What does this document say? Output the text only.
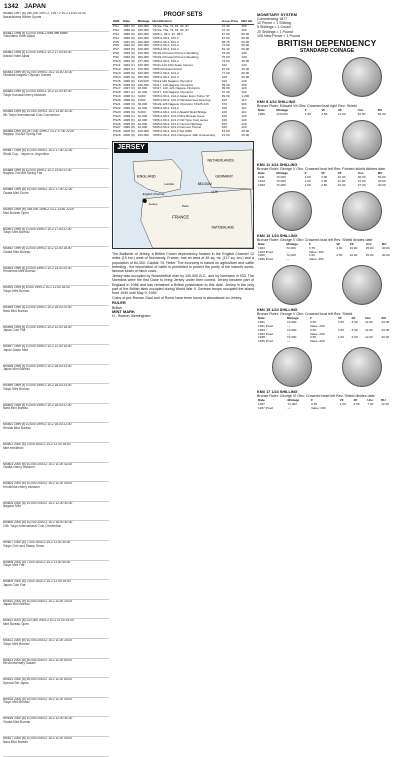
1342 JAPAN
MS580 1997 (b) 250,000 1997-2, 1997-2 10-2 15.00 22.00
Ibarakishima Winter Sports
MS581 1998 (t) 10,000 1998-2 Mint wet towel
Yokohama Hotel Ajisai
MS582 1998 (t) 10,000 1998-2 10-2 17.00 40.00
Ibaraki Hotel Ajisai
MS583 1999 (b) 10,000 1999-2 10-2 14.50 30.00
Okinawa Nagano Olympic Games
MS584 1999 (t) 10,000 1999-2 10-2 12.00 30.00
Tokyo Kokusai cherry blossom
MS585 1999 (b) 10,000 1999-2 10-2 14.50 30.00
5th Tokyo International Coin Convention
MS586 1999 (b) 257,000 1999-2 10-2 17.00 22.00
Nagano 3rd Aut Spring Fair
MS587 1999 (b) 10,000 1999-2 10-2 17.00 22.00
World Cup - Japan vs. Argentina
MS588 1999 (t) 10,000 1999-2 10-2 14.50 22.00
Nagano 2nd Aut Spring Fair
MS589 1999 (b) 10,000 1999-2 10-2 17.00 22.00
Osaka Mint Dome
MS590 1999 (b) 338,000 1999-2 10-2 13.50 22.00
Mint Bureau Open
MS591 1999 (t) 10,000 1999-2 10-2 17.00 22.00
Tokyo Mint Bureau
MS592 1999 (t) 10,000 1999-2 10-2 12.50 18.00
Osaka Mint Bureau
MS593 1999 (t) 10,000 1999-2 10-2 14.00 20.00
Hiroshima Mint Bureau
MS594 1999 (t) 6,000 1999-2 10-2 12.00 18.00
Tokyo Mint Bureau
MS595 1999 (t) 10,000 1999-2 10-2 16.00 20.00
Nara Mint Bureau
MS596 1999 (t) 10,000 1999-2 10-2 12.00 18.00
Japan Coin Fair
MS597 1999 (t) 10,000 1999-2 10-2 12.00 18.00
Japan Dome Mint
MS598 1999 (t) 10,000 1999-2 10-2 18.00 24.00
Japan Mint Bureau
MS599 1999 (t) 10,000 1999-2 10-2 18.00 24.00
Tokyo Mint Bureau
MS600 1999 (t) 10,000 1999-2 10-2 16.00 22.00
Nara Mint Bureau
MS601 1999 (t) 10,000 1999-2 10-2 16.00 22.00
Sendai Mint Bureau
MS602 2000 (b) 2,000 2000-2 10-2 12.00 18.00
Mint exhibition
MS603 2000 (b) 10,000 2000-2 10-2 11.00 42.00
Osaka cherry blossom
MS604 2000 (b) 10,000 2000-2 10-2 11.00 40.00
Hiroshima cherry blossom
MS605 2000 (b) 10,000 2000-2 10-2 12.00 40.00
Nagano Mint
MS606 2000 (b) 10,000 2000-2 10-2 18.00 40.00
12th Tokyo International Coin Convention
MS607 2000 (b) 7,000 2000-2 10-2 11.00 40.00
Tokyo Coin and Stamp Show
MS608 2000 (b) 7,000 2000-2 10-2 11.00 40.00
Tokyo Mint Fair
MS609 2000 (b) 2,000 2000-2 10-2 12.00 18.00
Japan Coin Fair
MS610 2000 (b) 10,000 2000-2 10-2 11.00 24.00
Japan Mint Bureau
MS611 2000 (b) 222,000 2000-2 10-2 11.00 24.00
Mint Bureau Open
MS612 2000 (b) 10,000 2000-2 10-2 11.00 24.00
Tokyo Mint Bureau
MS613 2000 (b) 40,000 2000-2 10-2 11.00 60.00
5th Anniversary Sasaki
MS614 2000 (b) 40,000 2000-2 10-2 11.00 60.00
Special Set Japan
MS615 2000 (b) 10,000 2000-2 10-2 11.00 40.00
Tokyo Mint Bureau
MS616 2000 (b) 10,000 2000-2 10-2 12.00 40.00
Osaka Mint Bureau
MS617 2000 (b) 10,000 2000-2 10-2 11.00 40.00
Nara Mint Bureau
PROOF SETS
KM#	Date	Mintage	Identification	Issue Price	Mkt Val
PS1	1987 (6)	230,000	Y#72a, 73a, 74, 81, 82, 97	37.40	150
PS2	1988 (6)	230,000	Y#72a, 73a, 74, 81, 82, 97	37.40	100
PS3	1989 (6)	200,000	Y#95.1, 96.1, 97, 98.1	67.60	80.00
PS4	1990 (6)	220,000	Y#95.2-99.2, 101.2	67.60	50.00
PS5	1991 (6)	220,000	Y#95.2-99.2, 101.2	68.75	60.00
PS6	1992 (6)	220,000	Y#95.2-99.2, 101.2	72.00	50.00
PS7	1993 (6)	220,000	Y#95.2-99.2, 101.2	81.40	50.00
PS8	1993 (6)	100,000	Y#101.2/Crown Prince's Wedding	75.00	100
PS9	1993 (6)	200,000	Y#101.2/Crown Prince's Wedding	75.00	100
PS10	1994 (6)	277,000	Y#95.2-99.2, 101.2	72.00	35.00
PS11	1994 (1)	160,000	Y#111-113 12th Asian Games	102	120
PS12	1994 (1)	100,000	Y#95.2/Kansai Airport	57.00	40.00
PS13	1995 (6)	100,000	Y#95.2-99.2, 101.2	77.00	60.00
PS14	1995 (6)	200,000	Y#95.2-99.2, 101.2	100	60.00
PS15	1996 (6)	110,000	Y#114-116 Nagano Olympics	102	120
PS16	1996 (6)	100,000	Y#117, 118 Nagano Olympics	99.00	150
PS17	1997 (3)	10,000	Y#117, 119, 121 Nagano Olympics	99.00	120
PS18	1997 (1)	10,000	Y#117, 119 Nagano Olympics	97.00	120
PS19	1998 (1)	3,000	Y#95.2-99.2, 101.2 Japan Expo Tokyo '97	99.00	1,200
PS20	1998 (6)	9,000	Y#95.2-99.2, 101.2 Okinawa Sea Opening	100	110
PS21	1998 (3)	30,000	Y#124-126 Nagano Olympics Y#125-126	370	400
PS22	1999 (6)	10,000	Y#95.2-99.2, 101.2	100	110
PS23	1999 (6)	8,000	Y#95.2-99.2, 101.2 Akashi Strait Bridge	100	110
PS24	1999 (1)	10,000	Y#95.2-99.2, 101.2 Mint Bureau Issue	100	120
PS25	1999 (6)	10,000	Y#95.2-99.2, 101.2 Old Type Coin series	100	120
PS26	1999 (6)	10,000	Y#95.2-99.2, 101.2 Central Highway	100	120
PS27	1999 (6)	10,000	Y#95.2-99.2, 101.2 Kanmon Tunnel	100	120
PS28	2000 (6)	100,000	Y#95.2-99.2, 101.2 Set 2000	12.50	25.00
PS29	2000 (6)	100,000	Y#95.2-99.2, 101.2 Emperor 10th Anniversary	12.50	25.00
ENGLAND
NETHERLANDS
GERMANY
BELGIUM
LUX.
FRANCE
SWITZERLAND
English Channel
Jersey
London
Paris
JERSEY
The Bailiwick of Jersey, a British Crown dependency located in the English Channel 12 miles (19 km.) west of Normandy, France, has an area of 45 sq. mi. (117 sq. km.) and a population of 84,300. Capital: St. Helier. The economy is based on agriculture and cattle breeding - the importation of cattle is prohibited to protect the purity of the island's world-famous strain of milch cows.
Jersey was occupied by Neanderthal man by 100,000 B.C., and by Normans in 933. The Normans were the first Duke to bring Jersey under their control. Jersey became part of England in 1066 and has remained a British possession to this date. Jersey is the only part of the British Isles occupied during World War II. German troops occupied the island from 1940 until May 9, 1945.
Coins of pre-Roman Gaul and of Rome have been found in abundance on Jersey.
RULER
British
MINT MARK
H - Heaton, Birmingham
MONETARY SYSTEM
Commencing 1877
12 Pence = 1 Shilling
5 Shillings = 1 Crown
20 Shillings = 1 Pound
100 New Pence = 1 Pound
BRITISH DEPENDENCY
STANDARD COINAGE
KM# 8 1/24 SHILLING
Bronze Ruler: Edward VII Obv: Crowned bust right Rev: Shield
Date	Mintage	F	VF	XF	Unc	BU
1909	120,000	1.00	2.50	11.00	40.00	60.00
KM# 11 1/24 SHILLING
Bronze Ruler: George V Obv: Crowned bust left Rev: Pointed shield divides date
Date	Mintage	F	VF	XF	Unc	BU
1911	72,000	1.00	3.00	10.00	35.00	50.00
1913	72,000	1.00	2.50	11.00	27.00	40.00
1923	72,000	1.00	2.50	10.00	27.00	40.00
KM# 13 1/24 SHILLING
Bronze Ruler: George V Obv: Crowned bust left Rev: Shield divides date
Date	Mintage	F	VF	XF	Unc	BU
1923	72,000	0.75	2.00	10.00	25.00	40.00
1923 Proof	—	Value: 250				
1926	72,000	1.00	2.50	10.00	25.00	40.00
1926 Proof	—	Value: 250				
KM# 15 1/24 SHILLING
Bronze Ruler: George V Obv: Crowned bust left Rev: Shield
Date	Mintage	F	VF	XF	Unc	BU
1931	72,000	0.50	1.00	3.00	14.00	22.00
1931 Proof	—	Value: 200				
1933	72,000	0.50	1.00	3.00	14.00	22.00
1933 Proof	—	Value: 200				
1935	72,000	0.50	1.00	3.00	12.00	20.00
1935 Proof	—	Value: 200				
KM# 17 1/24 SHILLING
Bronze Ruler: George VI Obv: Crowned head left Rev: Shield divides date
Date	Mintage	F	VF	XF	Unc	BU
1937	72,000	0.50	1.00	2.00	7.00	12.00
1937 Proof	—	Value: 200				
